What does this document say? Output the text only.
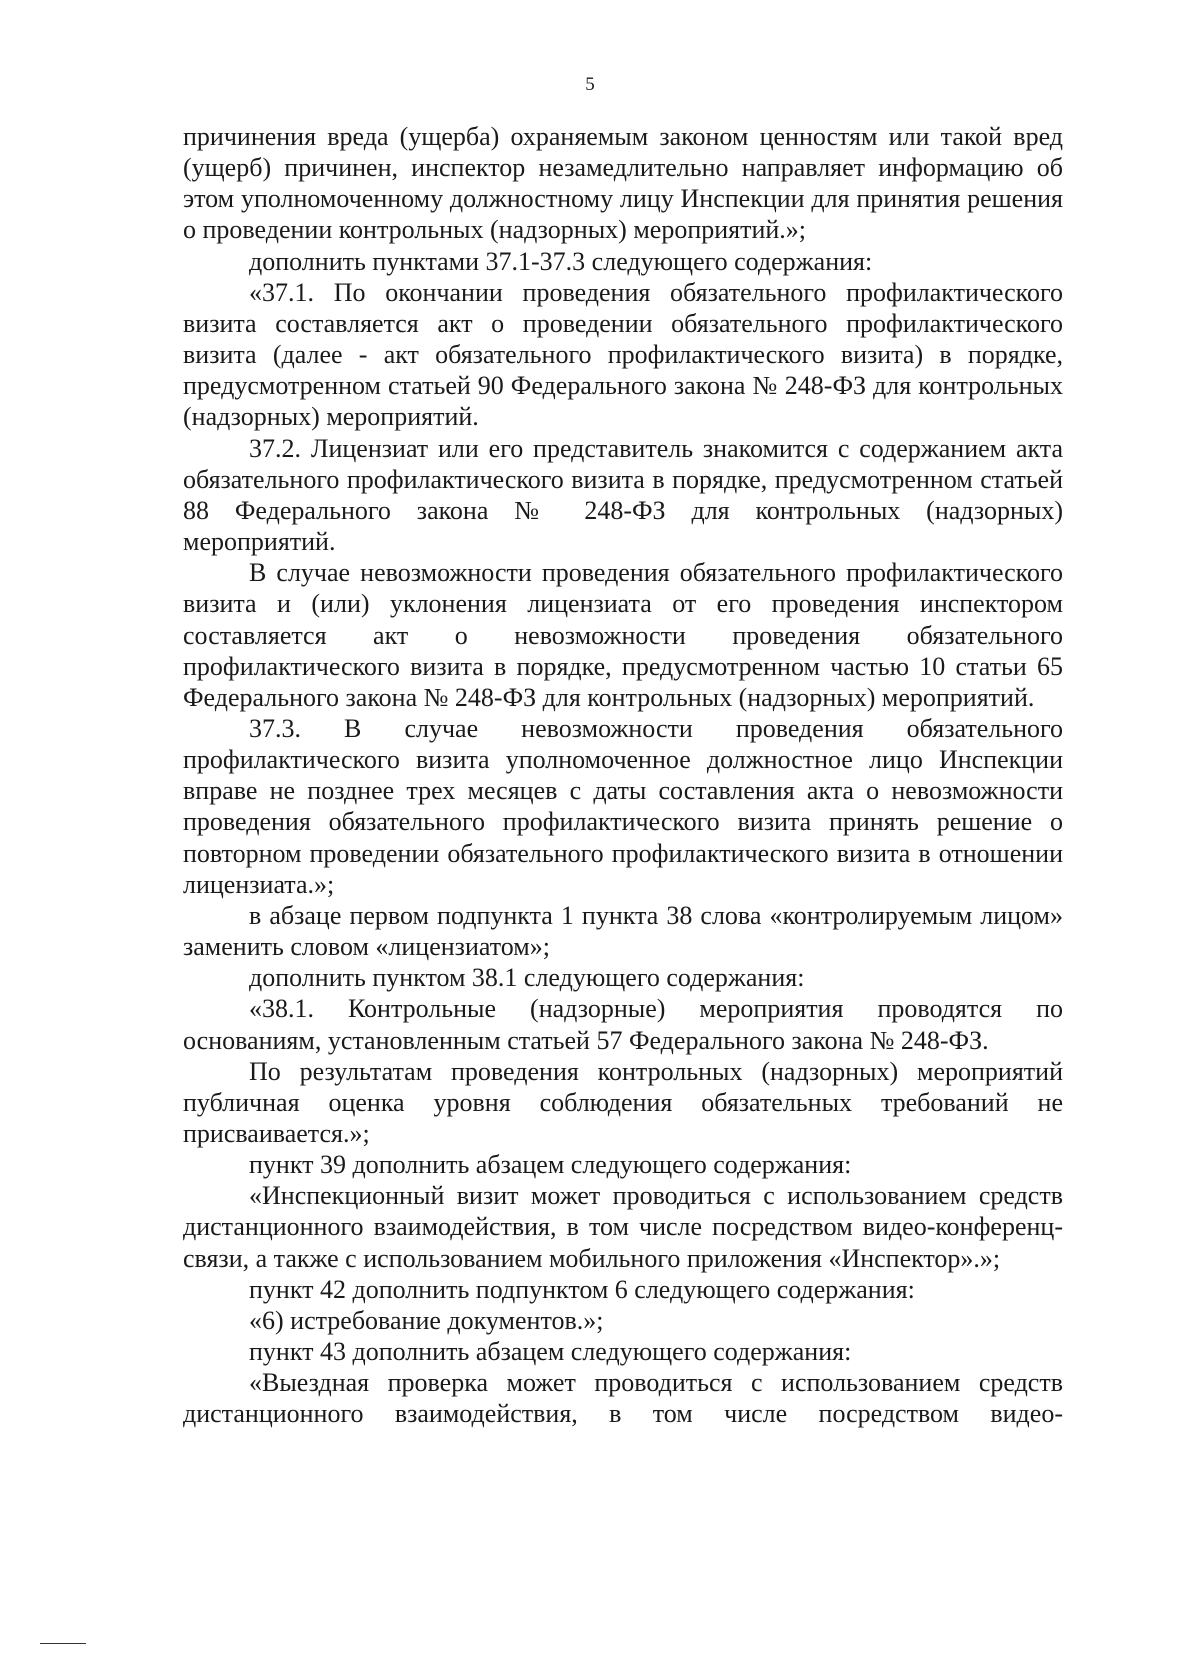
5

причинения вреда (ущерба) охраняемым законом ценностям или такой вред (ущерб) причинен, инспектор незамедлительно направляет информацию об этом уполномоченному должностному лицу Инспекции для принятия решения о проведении контрольных (надзорных) мероприятий.»;

дополнить пунктами 37.1-37.3 следующего содержания:

«37.1. По окончании проведения обязательного профилактического визита составляется акт о проведении обязательного профилактического визита (далее - акт обязательного профилактического визита) в порядке, предусмотренном статьей 90 Федерального закона № 248-ФЗ для контрольных (надзорных) мероприятий.

37.2. Лицензиат или его представитель знакомится с содержанием акта обязательного профилактического визита в порядке, предусмотренном статьей 88 Федерального закона № 248-ФЗ для контрольных (надзорных) мероприятий.

В случае невозможности проведения обязательного профилактического визита и (или) уклонения лицензиата от его проведения инспектором составляется акт о невозможности проведения обязательного профилактического визита в порядке, предусмотренном частью 10 статьи 65 Федерального закона № 248-ФЗ для контрольных (надзорных) мероприятий.

37.3. В случае невозможности проведения обязательного профилактического визита уполномоченное должностное лицо Инспекции вправе не позднее трех месяцев с даты составления акта о невозможности проведения обязательного профилактического визита принять решение о повторном проведении обязательного профилактического визита в отношении лицензиата.»;

в абзаце первом подпункта 1 пункта 38 слова «контролируемым лицом» заменить словом «лицензиатом»;

дополнить пунктом 38.1 следующего содержания:

«38.1. Контрольные (надзорные) мероприятия проводятся по основаниям, установленным статьей 57 Федерального закона № 248-ФЗ.

По результатам проведения контрольных (надзорных) мероприятий публичная оценка уровня соблюдения обязательных требований не присваивается.»;

пункт 39 дополнить абзацем следующего содержания:

«Инспекционный визит может проводиться с использованием средств дистанционного взаимодействия, в том числе посредством видео-конференц-связи, а также с использованием мобильного приложения «Инспектор».»;

пункт 42 дополнить подпунктом 6 следующего содержания:

«6) истребование документов.»;

пункт 43 дополнить абзацем следующего содержания:

«Выездная проверка может проводиться с использованием средств дистанционного взаимодействия, в том числе посредством видео-
